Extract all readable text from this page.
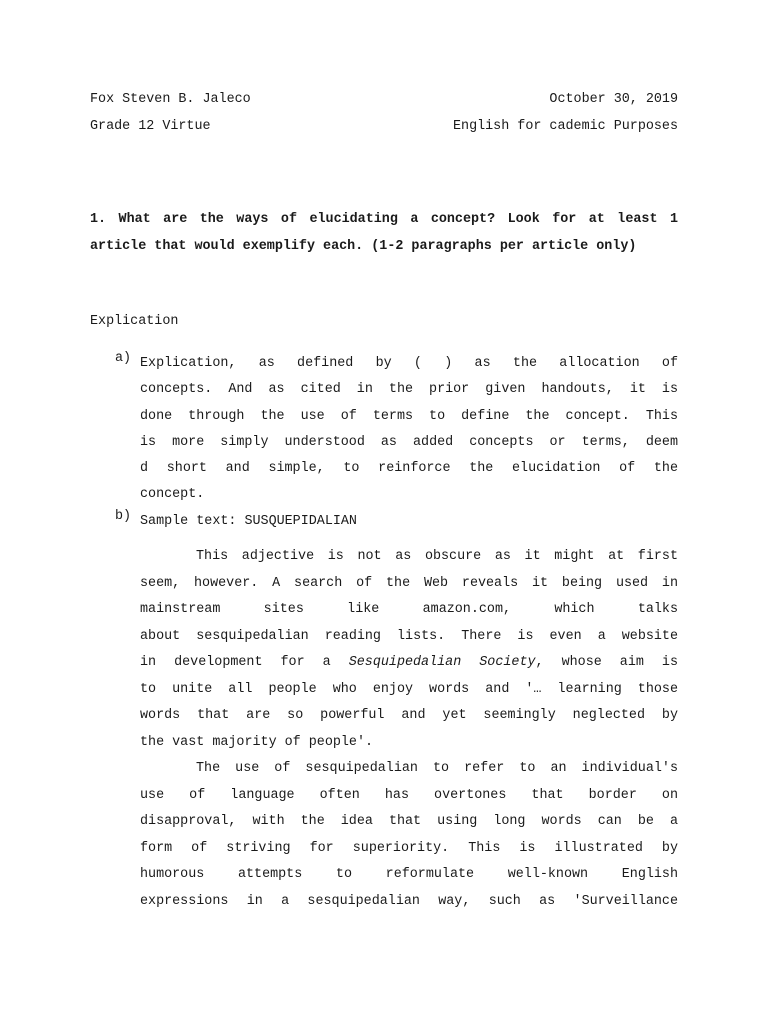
Fox Steven B. Jaleco	October 30, 2019
Grade 12 Virtue	English for cademic Purposes
1. What are the ways of elucidating a concept? Look for at least 1 article that would exemplify each. (1-2 paragraphs per article only)
Explication
a) Explication, as defined by ( ) as the allocation of
concepts. And as cited in the prior given handouts, it is
done through the use of terms to define the concept. This
is more simply understood as added concepts or terms, deem
d short and simple, to reinforce the elucidation of the
concept.
b) Sample text: SUSQUEPIDALIAN
This adjective is not as obscure as it might at first
seem, however. A search of the Web reveals it being used in
mainstream sites like amazon.com, which talks
about sesquipedalian reading lists. There is even a website
in development for a Sesquipedalian Society, whose aim is
to unite all people who enjoy words and '… learning those
words that are so powerful and yet seemingly neglected by
the vast majority of people'.
The use of sesquipedalian to refer to an individual's
use of language often has overtones that border on
disapproval, with the idea that using long words can be a
form of striving for superiority. This is illustrated by
humorous attempts to reformulate well-known English
expressions in a sesquipedalian way, such as 'Surveillance
